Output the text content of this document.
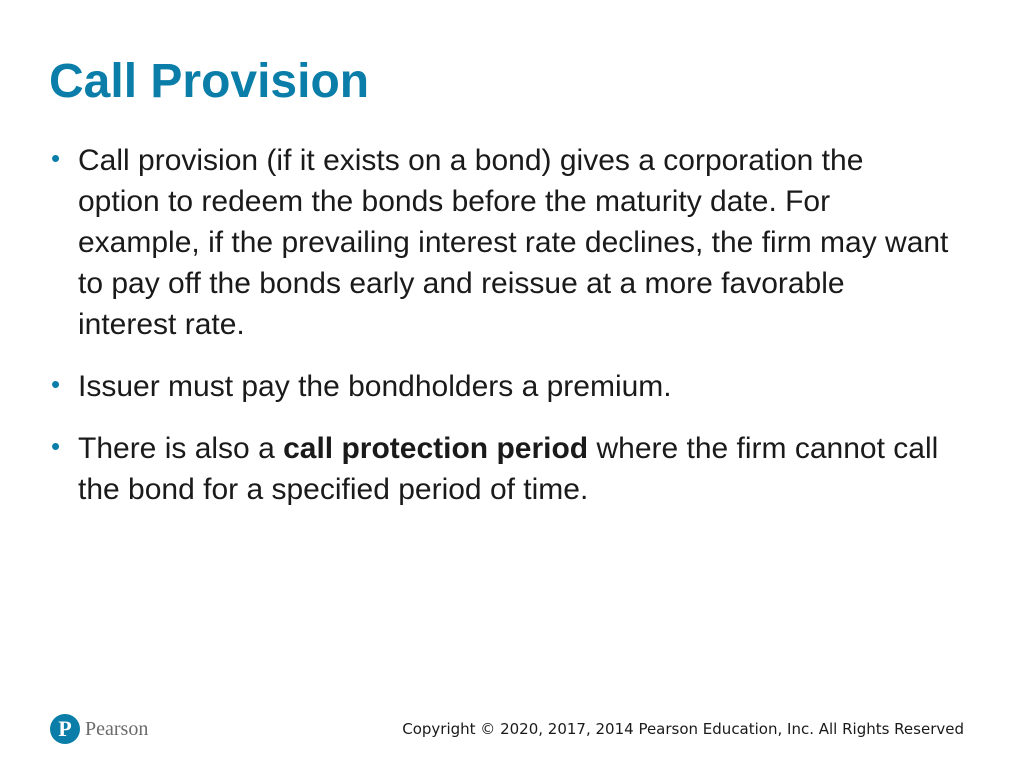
Call Provision
• Call provision (if it exists on a bond) gives a corporation the option to redeem the bonds before the maturity date. For example, if the prevailing interest rate declines, the firm may want to pay off the bonds early and reissue at a more favorable interest rate.
• Issuer must pay the bondholders a premium.
• There is also a call protection period where the firm cannot call the bond for a specified period of time.
P Pearson	Copyright © 2020, 2017, 2014 Pearson Education, Inc. All Rights Reserved
